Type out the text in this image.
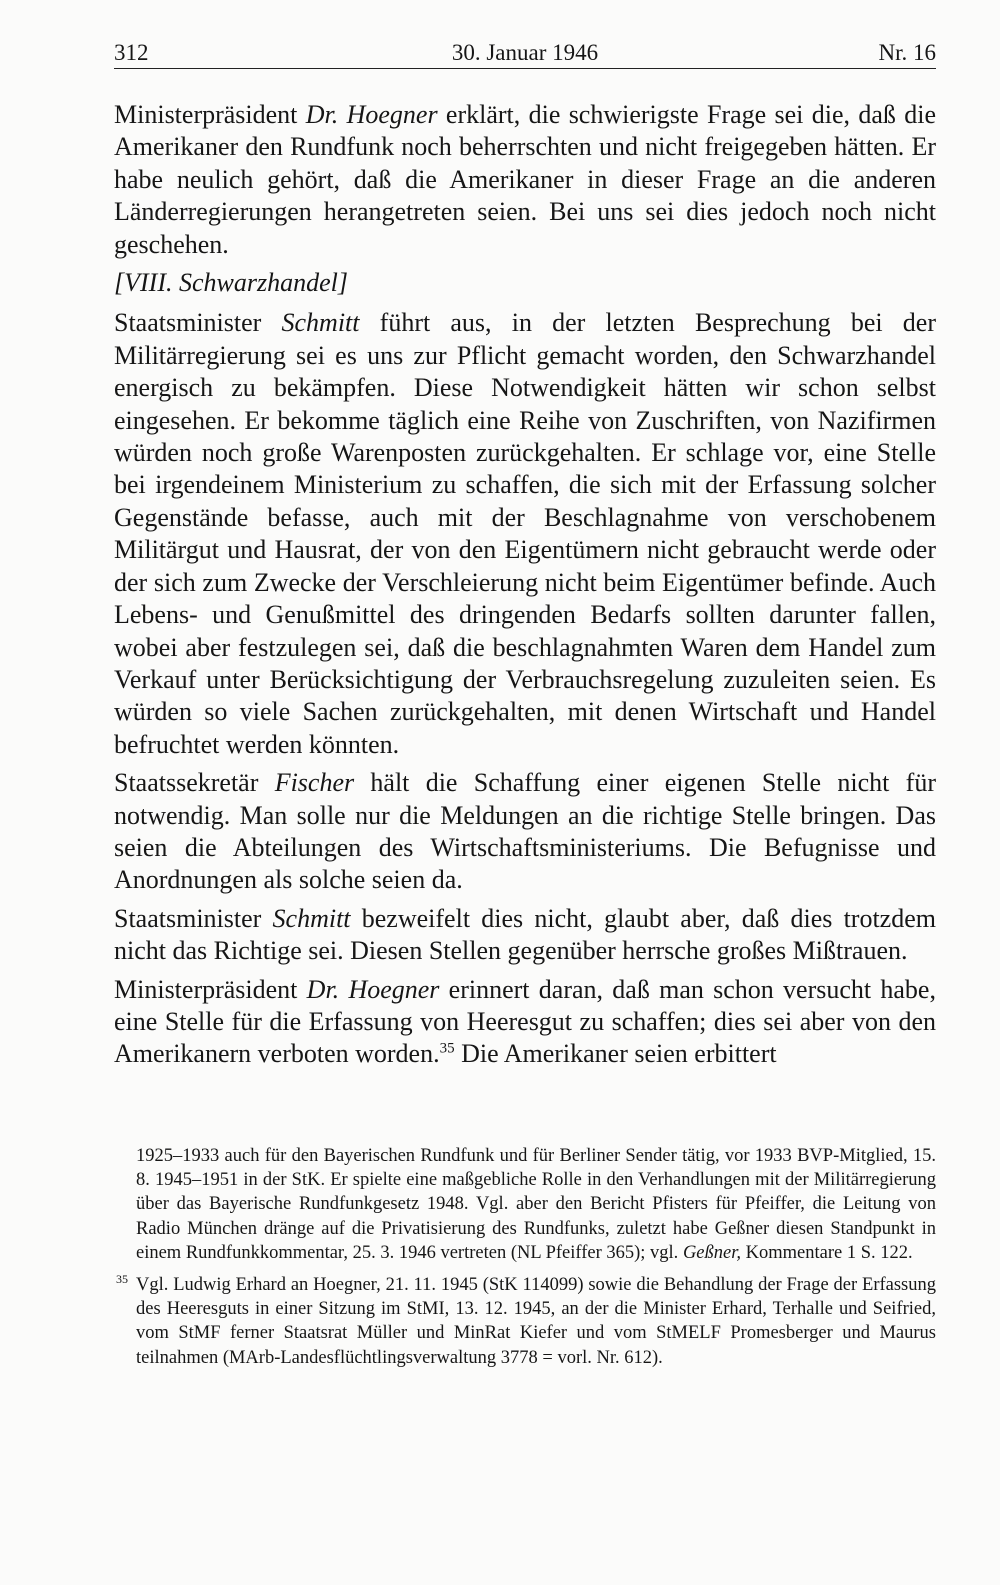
312	30. Januar 1946	Nr. 16

Ministerpräsident Dr. Hoegner erklärt, die schwierigste Frage sei die, daß die Amerikaner den Rundfunk noch beherrschten und nicht freigegeben hätten. Er habe neulich gehört, daß die Amerikaner in dieser Frage an die anderen Länderregierungen herangetreten seien. Bei uns sei dies jedoch noch nicht geschehen.

[VIII. Schwarzhandel]

Staatsminister Schmitt führt aus, in der letzten Besprechung bei der Militärregierung sei es uns zur Pflicht gemacht worden, den Schwarzhandel energisch zu bekämpfen. Diese Notwendigkeit hätten wir schon selbst eingesehen. Er bekomme täglich eine Reihe von Zuschriften, von Nazifirmen würden noch große Warenposten zurückgehalten. Er schlage vor, eine Stelle bei irgendeinem Ministerium zu schaffen, die sich mit der Erfassung solcher Gegenstände befasse, auch mit der Beschlagnahme von verschobenem Militärgut und Hausrat, der von den Eigentümern nicht gebraucht werde oder der sich zum Zwecke der Verschleierung nicht beim Eigentümer befinde. Auch Lebens- und Genußmittel des dringenden Bedarfs sollten darunter fallen, wobei aber festzulegen sei, daß die beschlagnahmten Waren dem Handel zum Verkauf unter Berücksichtigung der Verbrauchsregelung zuzuleiten seien. Es würden so viele Sachen zurückgehalten, mit denen Wirtschaft und Handel befruchtet werden könnten.

Staatssekretär Fischer hält die Schaffung einer eigenen Stelle nicht für notwendig. Man solle nur die Meldungen an die richtige Stelle bringen. Das seien die Abteilungen des Wirtschaftsministeriums. Die Befugnisse und Anordnungen als solche seien da.

Staatsminister Schmitt bezweifelt dies nicht, glaubt aber, daß dies trotzdem nicht das Richtige sei. Diesen Stellen gegenüber herrsche großes Mißtrauen.

Ministerpräsident Dr. Hoegner erinnert daran, daß man schon versucht habe, eine Stelle für die Erfassung von Heeresgut zu schaffen; dies sei aber von den Amerikanern verboten worden.$^{35}$ Die Amerikaner seien erbittert

1925–1933 auch für den Bayerischen Rundfunk und für Berliner Sender tätig, vor 1933 BVP-Mitglied, 15. 8. 1945–1951 in der StK. Er spielte eine maßgebliche Rolle in den Verhandlungen mit der Militärregierung über das Bayerische Rundfunkgesetz 1948. Vgl. aber den Bericht Pfisters für Pfeiffer, die Leitung von Radio München dränge auf die Privatisierung des Rundfunks, zuletzt habe Geßner diesen Standpunkt in einem Rundfunkkommentar, 25. 3. 1946 vertreten (NL Pfeiffer 365); vgl. Geßner, Kommentare 1 S. 122.

35 Vgl. Ludwig Erhard an Hoegner, 21. 11. 1945 (StK 114099) sowie die Behandlung der Frage der Erfassung des Heeresguts in einer Sitzung im StMI, 13. 12. 1945, an der die Minister Erhard, Terhalle und Seifried, vom StMF ferner Staatsrat Müller und MinRat Kiefer und vom StMELF Promesberger und Maurus teilnahmen (MArb-Landesflüchtlingsverwaltung 3778 = vorl. Nr. 612).
